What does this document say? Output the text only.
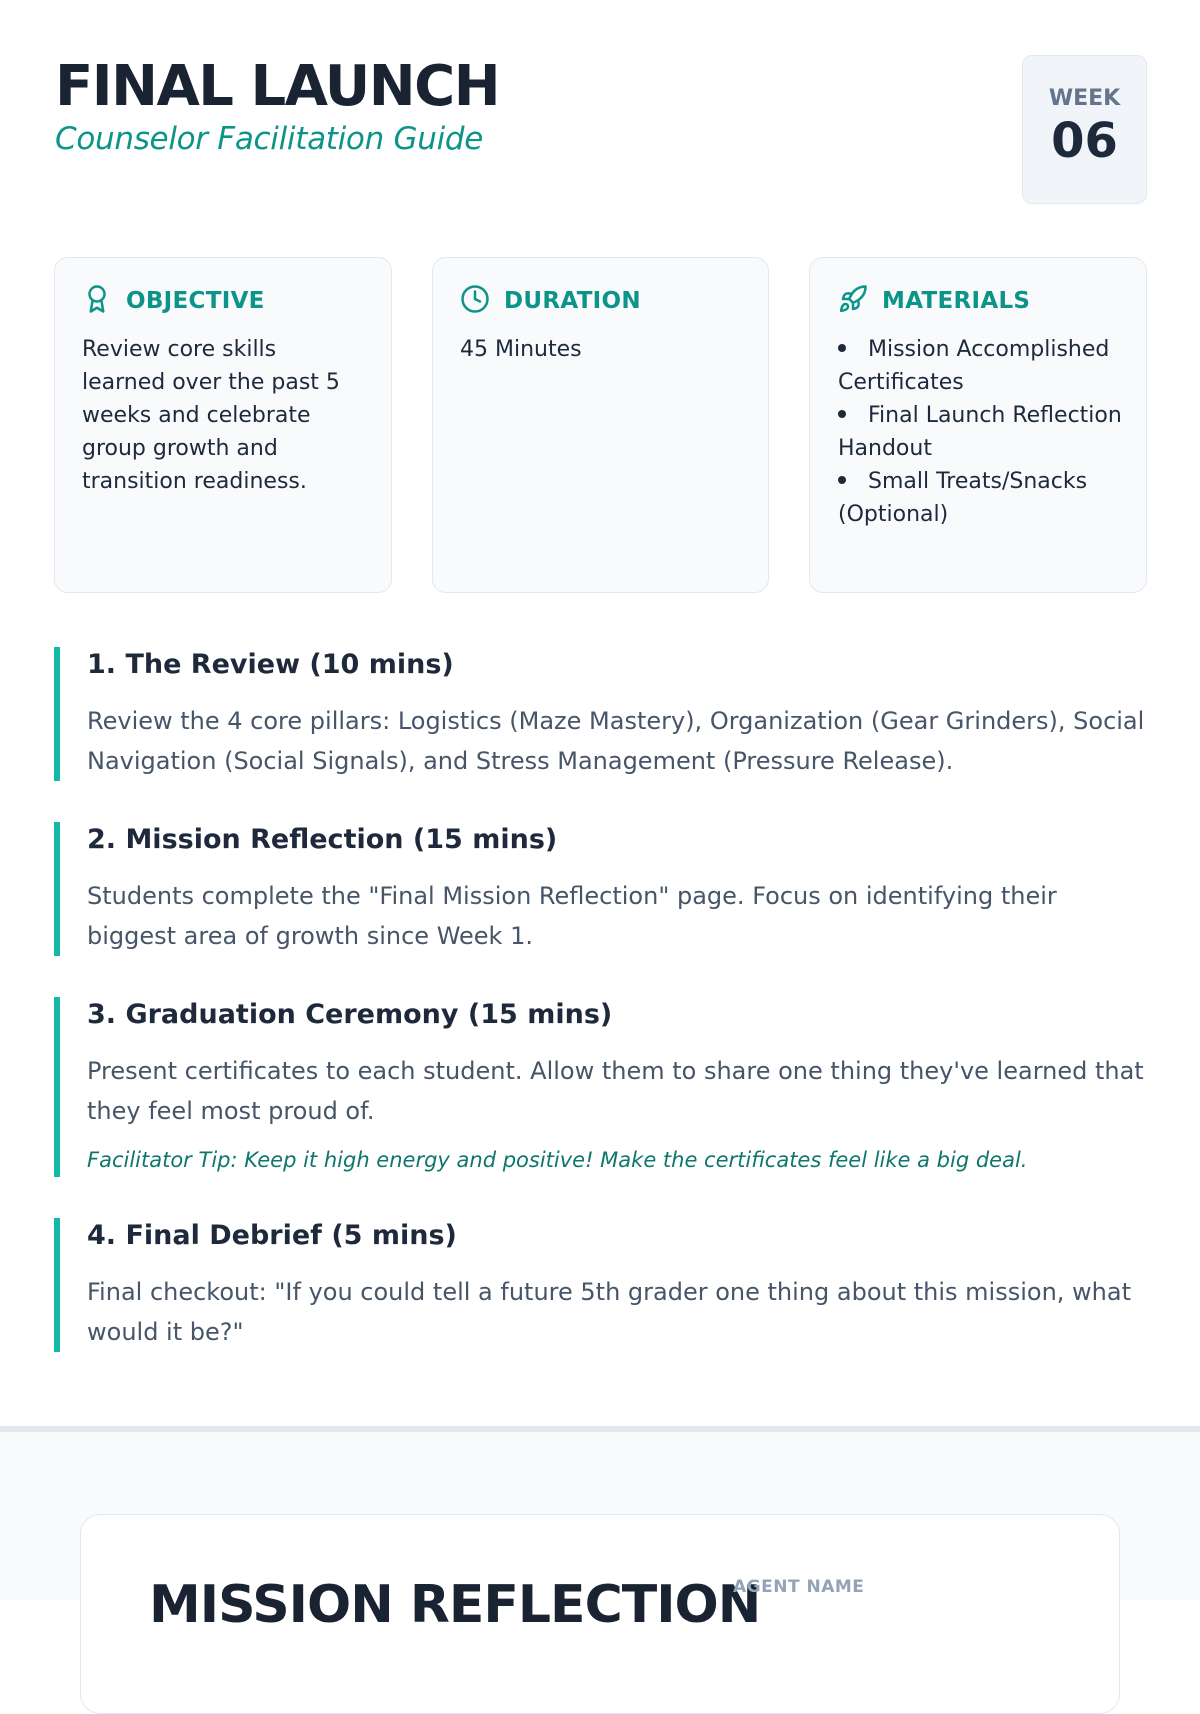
FINAL LAUNCH
Counselor Facilitation Guide
WEEK
06
OBJECTIVE
Review core skills learned over the past 5 weeks and celebrate group growth and transition readiness.
DURATION
45 Minutes
MATERIALS
Mission Accomplished Certificates
Final Launch Reflection Handout
Small Treats/Snacks (Optional)
1. The Review (10 mins)
Review the 4 core pillars: Logistics (Maze Mastery), Organization (Gear Grinders), Social Navigation (Social Signals), and Stress Management (Pressure Release).
2. Mission Reflection (15 mins)
Students complete the "Final Mission Reflection" page. Focus on identifying their biggest area of growth since Week 1.
3. Graduation Ceremony (15 mins)
Present certificates to each student. Allow them to share one thing they've learned that they feel most proud of.
Facilitator Tip: Keep it high energy and positive! Make the certificates feel like a big deal.
4. Final Debrief (5 mins)
Final checkout: "If you could tell a future 5th grader one thing about this mission, what would it be?"
MISSION REFLECTION
AGENT NAME
